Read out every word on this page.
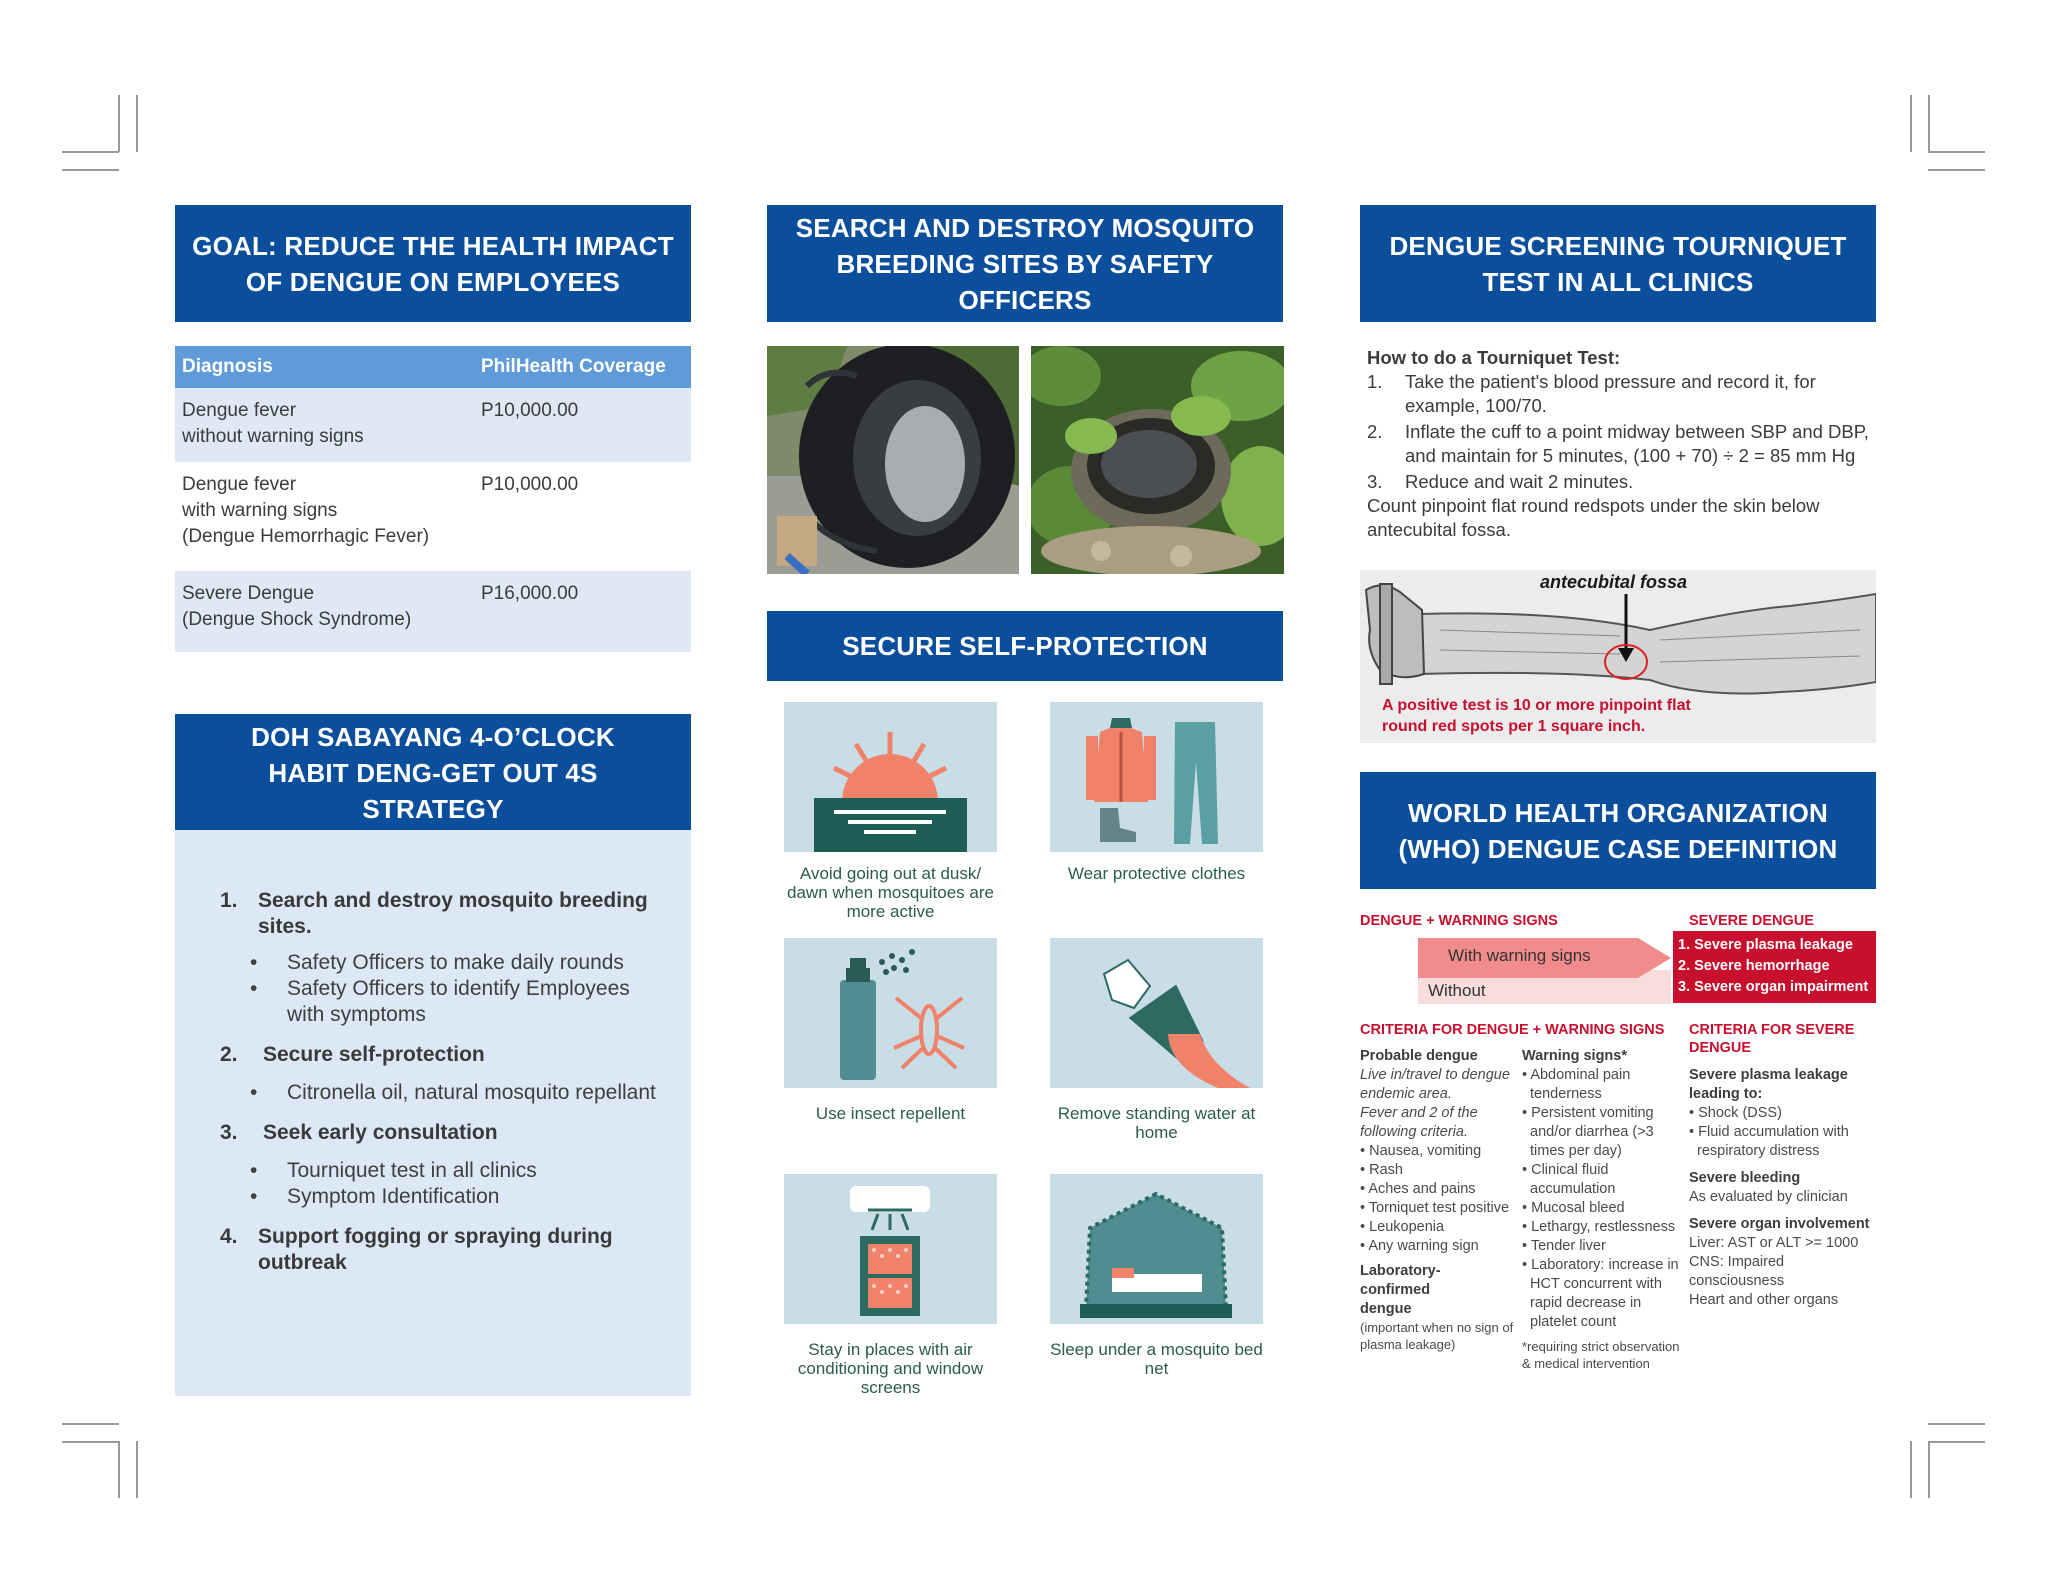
GOAL: REDUCE THE HEALTH IMPACT OF DENGUE ON EMPLOYEES
Diagnosis	PhilHealth Coverage
Dengue fever
without warning signs
P10,000.00
Dengue fever
with warning signs
(Dengue Hemorrhagic Fever)
P10,000.00
Severe Dengue
(Dengue Shock Syndrome)
P16,000.00
DOH SABAYANG 4-O’CLOCK HABIT DENG-GET OUT 4S STRATEGY
1. Search and destroy mosquito breeding sites.
• Safety Officers to make daily rounds
• Safety Officers to identify Employees with symptoms
2. Secure self-protection
• Citronella oil, natural mosquito repellant
3. Seek early consultation
• Tourniquet test in all clinics
• Symptom Identification
4. Support fogging or spraying during outbreak
SEARCH AND DESTROY MOSQUITO BREEDING SITES BY SAFETY OFFICERS
SECURE SELF-PROTECTION
Avoid going out at dusk/ dawn when mosquitoes are more active
Wear protective clothes
Use insect repellent	Remove standing water at home
Stay in places with air conditioning and window screens
Sleep under a mosquito bed net
DENGUE SCREENING TOURNIQUET TEST IN ALL CLINICS
How to do a Tourniquet Test:
1. Take the patient's blood pressure and record it, for example, 100/70.
2. Inflate the cuff to a point midway between SBP and DBP, and maintain for 5 minutes, (100 + 70) ÷ 2 = 85 mm Hg
3. Reduce and wait 2 minutes.
Count pinpoint flat round redspots under the skin below antecubital fossa.
antecubital fossa
A positive test is 10 or more pinpoint flat round red spots per 1 square inch.
WORLD HEALTH ORGANIZATION (WHO) DENGUE CASE DEFINITION
DENGUE + WARNING SIGNS	SEVERE DENGUE
With warning signs
Without
1. Severe plasma leakage
2. Severe hemorrhage
3. Severe organ impairment
CRITERIA FOR DENGUE + WARNING SIGNS CRITERIA FOR SEVERE DENGUE
Probable dengue
Live in/travel to dengue endemic area.
Fever and 2 of the following criteria.
• Nausea, vomiting
• Rash
• Aches and pains
• Torniquet test positive
• Leukopenia
• Any warning sign
Laboratory-confirmed dengue
(important when no sign of plasma leakage)
Warning signs*
• Abdominal pain tenderness
• Persistent vomiting and/or diarrhea (>3 times per day)
• Clinical fluid accumulation
• Mucosal bleed
• Lethargy, restlessness
• Tender liver
• Laboratory: increase in HCT concurrent with rapid decrease in platelet count
*requiring strict observation & medical intervention
Severe plasma leakage leading to:
• Shock (DSS)
• Fluid accumulation with respiratory distress
Severe bleeding
As evaluated by clinician
Severe organ involvement
Liver: AST or ALT >= 1000
CNS: Impaired consciousness
Heart and other organs
